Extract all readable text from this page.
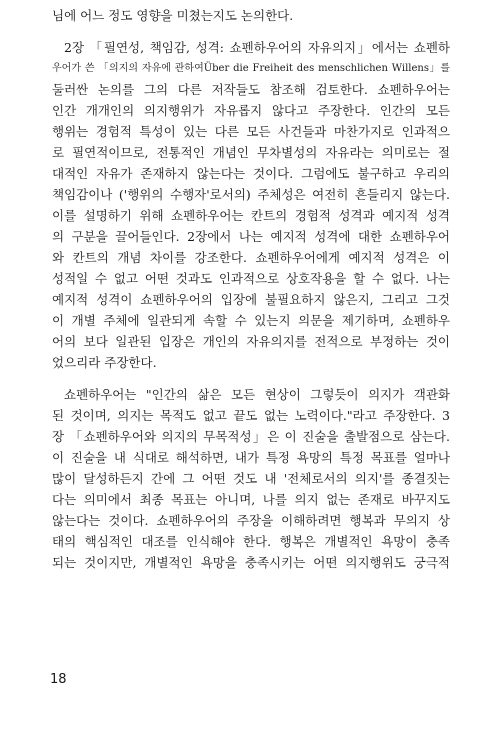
님에 어느 정도 영향을 미쳤는지도 논의한다.
2장 「필연성, 책임감, 성격: 쇼펜하우어의 자유의지」에서는 쇼펜하
우어가 쓴 「의지의 자유에 관하여Über die Freiheit des menschlichen Willens」를
둘러싼 논의를 그의 다른 저작들도 참조해 검토한다. 쇼펜하우어는
인간 개개인의 의지행위가 자유롭지 않다고 주장한다. 인간의 모든
행위는 경험적 특성이 있는 다른 모든 사건들과 마찬가지로 인과적으
로 필연적이므로, 전통적인 개념인 무차별성의 자유라는 의미로는 절
대적인 자유가 존재하지 않는다는 것이다. 그럼에도 불구하고 우리의
책임감이나 ('행위의 수행자'로서의) 주체성은 여전히 흔들리지 않는다.
이를 설명하기 위해 쇼펜하우어는 칸트의 경험적 성격과 예지적 성격
의 구분을 끌어들인다. 2장에서 나는 예지적 성격에 대한 쇼펜하우어
와 칸트의 개념 차이를 강조한다. 쇼펜하우어에게 예지적 성격은 이
성적일 수 없고 어떤 것과도 인과적으로 상호작용을 할 수 없다. 나는
예지적 성격이 쇼펜하우어의 입장에 불필요하지 않은지, 그리고 그것
이 개별 주체에 일관되게 속할 수 있는지 의문을 제기하며, 쇼펜하우
어의 보다 일관된 입장은 개인의 자유의지를 전적으로 부정하는 것이
었으리라 주장한다.
쇼펜하우어는 "인간의 삶은 모든 현상이 그렇듯이 의지가 객관화
된 것이며, 의지는 목적도 없고 끝도 없는 노력이다."라고 주장한다. 3
장 「쇼펜하우어와 의지의 무목적성」은 이 진술을 출발점으로 삼는다.
이 진술을 내 식대로 해석하면, 내가 특정 욕망의 특정 목표를 얼마나
많이 달성하든지 간에 그 어떤 것도 내 '전체로서의 의지'를 종결짓는
다는 의미에서 최종 목표는 아니며, 나를 의지 없는 존재로 바꾸지도
않는다는 것이다. 쇼펜하우어의 주장을 이해하려면 행복과 무의지 상
태의 핵심적인 대조를 인식해야 한다. 행복은 개별적인 욕망이 충족
되는 것이지만, 개별적인 욕망을 충족시키는 어떤 의지행위도 궁극적
18
